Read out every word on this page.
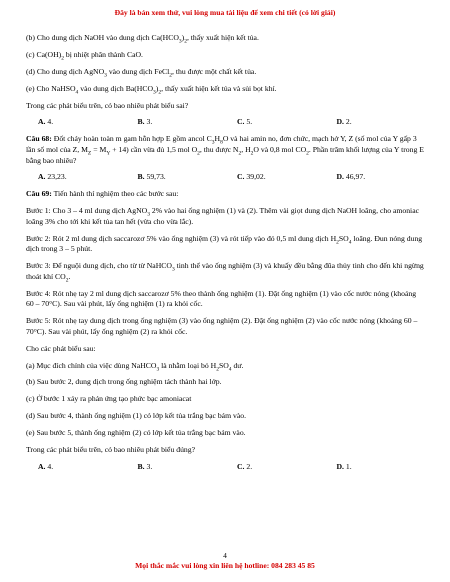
Đây là bản xem thử, vui lòng mua tài liệu để xem chi tiết (có lời giải)

(b) Cho dung dịch NaOH vào dung dịch $Ca(HCO_3)_2$, thấy xuất hiện kết tủa.

(c) $Ca(OH)_2$ bị nhiệt phân thành CaO.

(d) Cho dung dịch AgNO$_3$ vào dung dịch FeCl$_2$, thu được một chất kết tủa.

(e) Cho NaHSO$_4$ vào dung dịch $Ba(HCO_3)_2$, thấy xuất hiện kết tủa và sủi bọt khí.

Trong các phát biểu trên, có bao nhiêu phát biểu sai?

A. 4.	B. 3.	C. 5.	D. 2.

Câu 68: Đốt cháy hoàn toàn m gam hỗn hợp E gồm ancol $C_3H_8O$ và hai amin no, đơn chức, mạch hở Y, Z (số mol của Y gấp 3 lần số mol của Z, $M_Z = M_Y + 14$) cần vừa đủ 1,5 mol $O_2$, thu được $N_2$, $H_2O$ và 0,8 mol $CO_2$. Phần trăm khối lượng của Y trong E bằng bao nhiêu?

A. 23,23.	B. 59,73.	C. 39,02.	D. 46,97.

Câu 69: Tiến hành thí nghiệm theo các bước sau:

Bước 1: Cho 3 – 4 ml dung dịch AgNO$_3$ 2% vào hai ống nghiệm (1) và (2). Thêm vài giọt dung dịch NaOH loãng, cho amoniac loãng 3% cho tới khi kết tủa tan hết (vừa cho vừa lắc).

Bước 2: Rót 2 ml dung dịch saccarozơ 5% vào ống nghiệm (3) và rót tiếp vào đó 0,5 ml dung dịch $H_2SO_4$ loãng. Đun nóng dung dịch trong 3 – 5 phút.

Bước 3: Để nguội dung dịch, cho từ từ NaHCO$_3$ tinh thể vào ống nghiệm (3) và khuấy đều bằng đũa thủy tinh cho đến khi ngừng thoát khí $CO_2$.

Bước 4: Rót nhẹ tay 2 ml dung dịch saccarozơ 5% theo thành ống nghiệm (1). Đặt ống nghiệm (1) vào cốc nước nóng (khoảng 60 – 70°C). Sau vài phút, lấy ống nghiệm (1) ra khỏi cốc.

Bước 5: Rót nhẹ tay dung dịch trong ống nghiệm (3) vào ống nghiệm (2). Đặt ống nghiệm (2) vào cốc nước nóng (khoảng 60 – 70°C). Sau vài phút, lấy ống nghiệm (2) ra khỏi cốc.

Cho các phát biểu sau:

(a) Mục đích chính của việc dùng NaHCO$_3$ là nhằm loại bỏ $H_2SO_4$ dư.

(b) Sau bước 2, dung dịch trong ống nghiệm tách thành hai lớp.

(c) Ở bước 1 xảy ra phản ứng tạo phức bạc amoniacat

(d) Sau bước 4, thành ống nghiệm (1) có lớp kết tủa trắng bạc bám vào.

(e) Sau bước 5, thành ống nghiệm (2) có lớp kết tủa trắng bạc bám vào.

Trong các phát biểu trên, có bao nhiêu phát biểu đúng?

A. 4.	B. 3.	C. 2.	D. 1.
4
Mọi thắc mắc vui lòng xin liên hệ hotline: 084 283 45 85
